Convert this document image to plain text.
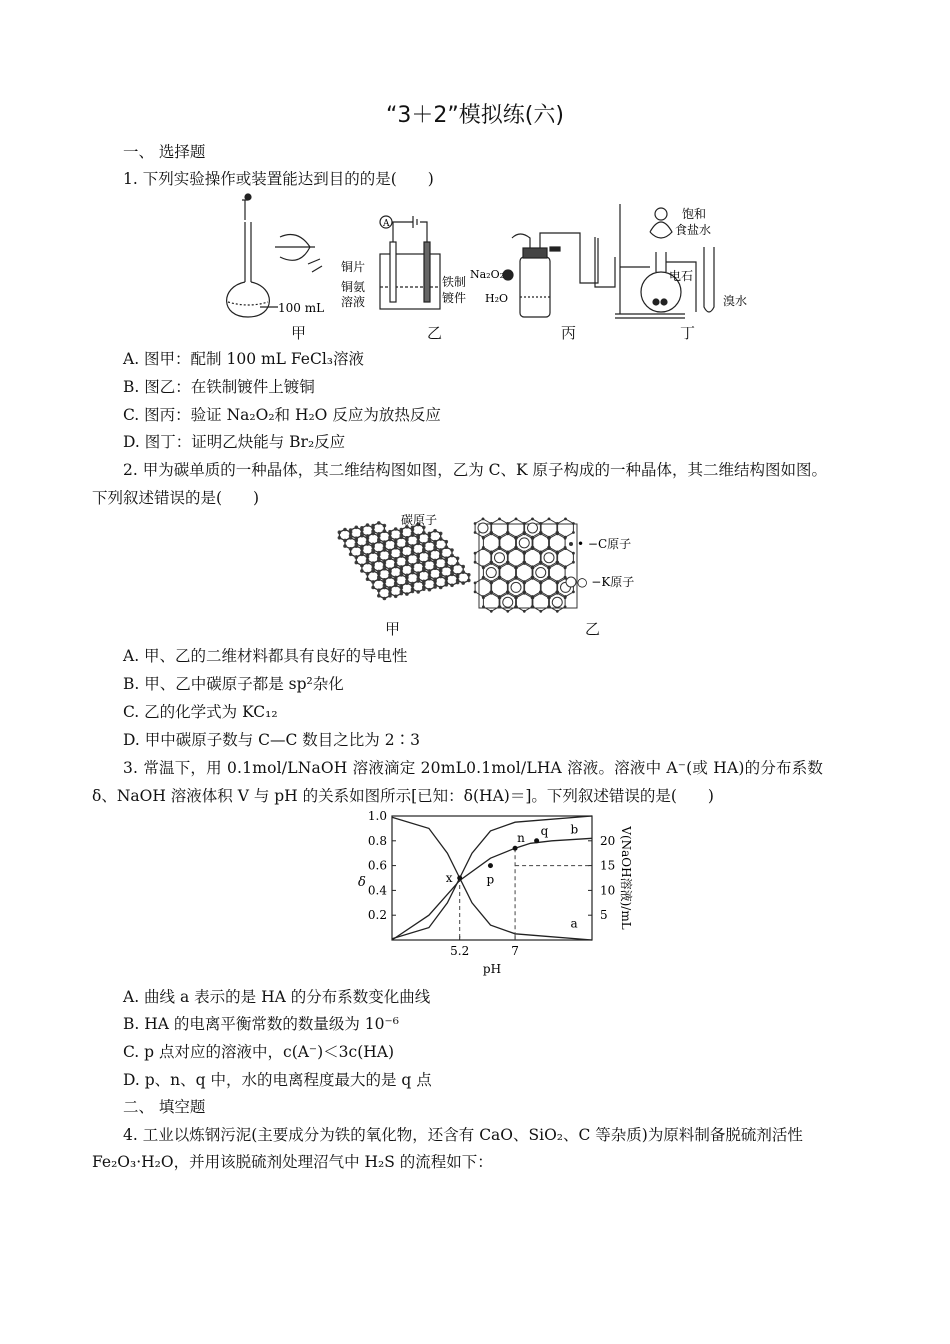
“3＋2”模拟练(六)
一、 选择题
1. 下列实验操作或装置能达到目的的是(　　)
100 mL
A
铜片
铜氨
溶液
铁制
镀件
Na₂O₂
H₂O
饱和
食盐水
电石
溴水
甲	乙	丙	丁
A. 图甲：配制 100 mL FeCl₃溶液
B. 图乙：在铁制镀件上镀铜
C. 图丙：验证 Na₂O₂和 H₂O 反应为放热反应
D. 图丁：证明乙炔能与 Br₂反应
2. 甲为碳单质的一种晶体，其二维结构图如图，乙为 C、K 原子构成的一种晶体，其二维结构图如图。
下列叙述错误的是(　　)
碳原子
• −C原子
○ −K原子
甲	乙
A. 甲、乙的二维材料都具有良好的导电性
B. 甲、乙中碳原子都是 sp²杂化
C. 乙的化学式为 KC₁₂
D. 甲中碳原子数与 C—C 数目之比为 2∶3
3. 常温下，用 0.1mol/LNaOH 溶液滴定 20mL0.1mol/LHA 溶液。溶液中 A⁻(或 HA)的分布系数
δ、NaOH 溶液体积 V 与 pH 的关系如图所示[已知：δ(HA)＝]。下列叙述错误的是(　　)
1.0
0.8
0.6
0.4
0.2
20
15
10
5
5.2	7
pH
δ	V(NaOH溶液)/mL
a
b
x	p
n
q
A. 曲线 a 表示的是 HA 的分布系数变化曲线
B. HA 的电离平衡常数的数量级为 10⁻⁶
C. p 点对应的溶液中，c(A⁻)＜3c(HA)
D. p、n、q 中，水的电离程度最大的是 q 点
二、 填空题
4. 工业以炼钢污泥(主要成分为铁的氧化物，还含有 CaO、SiO₂、C 等杂质)为原料制备脱硫剂活性
Fe₂O₃·H₂O，并用该脱硫剂处理沼气中 H₂S 的流程如下：
